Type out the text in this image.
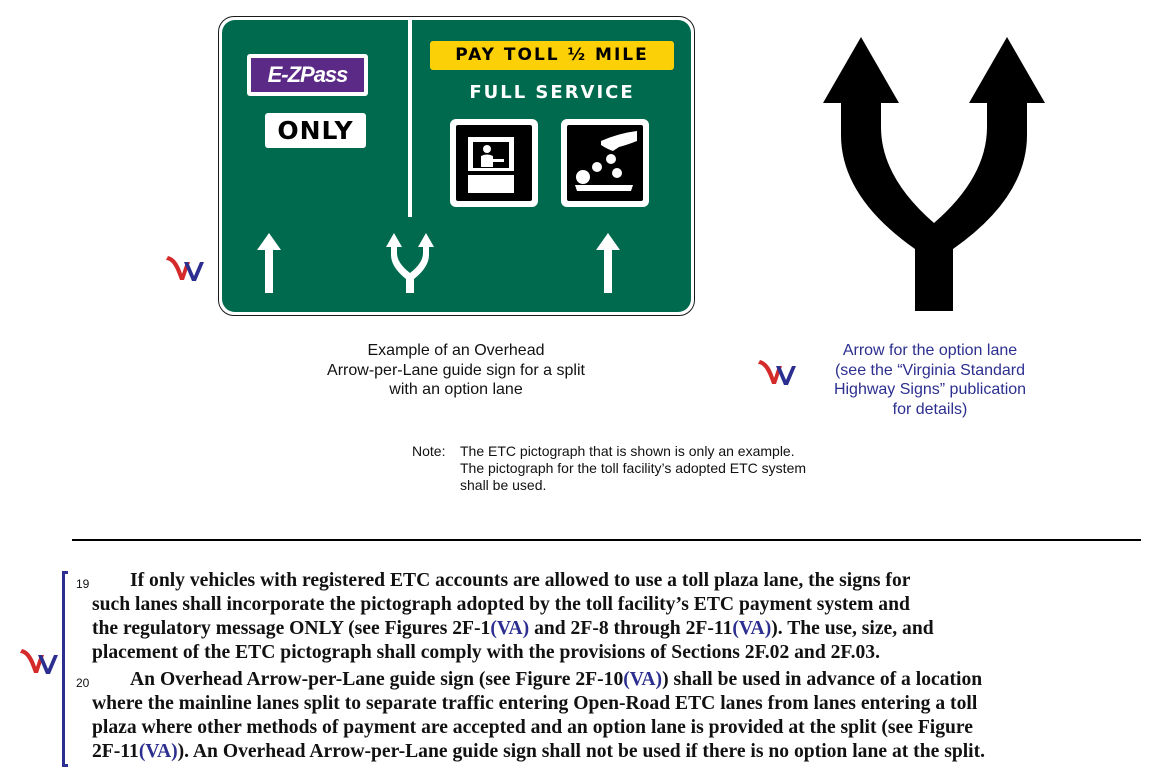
E-ZPass
ONLY
PAY TOLL ½ MILE
FULL SERVICE
Example of an Overhead
Arrow-per-Lane guide sign for a split
with an option lane
Arrow for the option lane
(see the “Virginia Standard
Highway Signs” publication
for details)
Note: The ETC pictograph that is shown is only an example.
The pictograph for the toll facility’s adopted ETC system
shall be used.
19	If only vehicles with registered ETC accounts are allowed to use a toll plaza lane, the signs for
such lanes shall incorporate the pictograph adopted by the toll facility’s ETC payment system and
the regulatory message ONLY (see Figures 2F-1(VA) and 2F-8 through 2F-11(VA)). The use, size, and
placement of the ETC pictograph shall comply with the provisions of Sections 2F.02 and 2F.03.
20	An Overhead Arrow-per-Lane guide sign (see Figure 2F-10(VA)) shall be used in advance of a location
where the mainline lanes split to separate traffic entering Open-Road ETC lanes from lanes entering a toll
plaza where other methods of payment are accepted and an option lane is provided at the split (see Figure
2F-11(VA)). An Overhead Arrow-per-Lane guide sign shall not be used if there is no option lane at the split.
